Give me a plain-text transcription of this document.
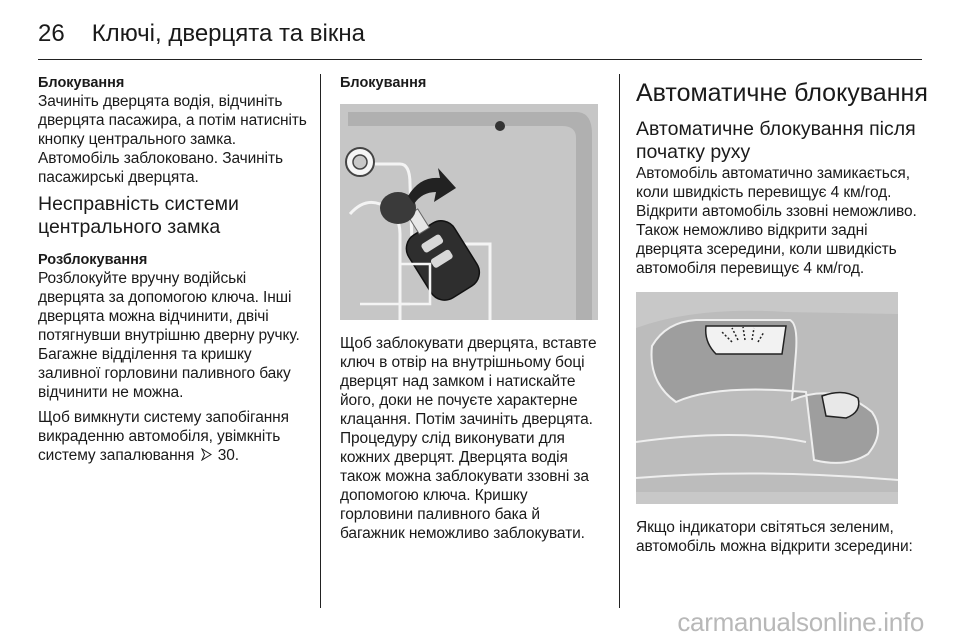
26 Ключі, дверцята та вікна

Блокування

Зачиніть дверцята водія, відчиніть дверцята пасажира, а потім натисніть кнопку центрального замка. Автомобіль заблоковано. Зачиніть пасажирські дверцята.

Несправність системи центрального замка

Розблокування

Розблокуйте вручну водійські дверцята за допомогою ключа. Інші дверцята можна відчинити, двічі потягнувши внутрішню дверну ручку. Багажне відділення та кришку заливної горловини паливного баку відчинити не можна.

Щоб вимкнути систему запобігання викраденню автомобіля, увімкніть систему запалювання 30.

Блокування

Щоб заблокувати дверцята, вставте ключ в отвір на внутрішньому боці дверцят над замком і натискайте його, доки не почуєте характерне клацання. Потім зачиніть дверцята. Процедуру слід виконувати для кожних дверцят. Дверцята водія також можна заблокувати ззовні за допомогою ключа. Кришку горловини паливного бака й багажник неможливо заблокувати.

Автоматичне блокування

Автоматичне блокування після початку руху

Автомобіль автоматично замикається, коли швидкість перевищує 4 км/год. Відкрити автомобіль ззовні неможливо. Також неможливо відкрити задні дверцята зсередини, коли швидкість автомобіля перевищує 4 км/год.

Якщо індикатори світяться зеленим, автомобіль можна відкрити зсередини:

carmanualsonline.info
